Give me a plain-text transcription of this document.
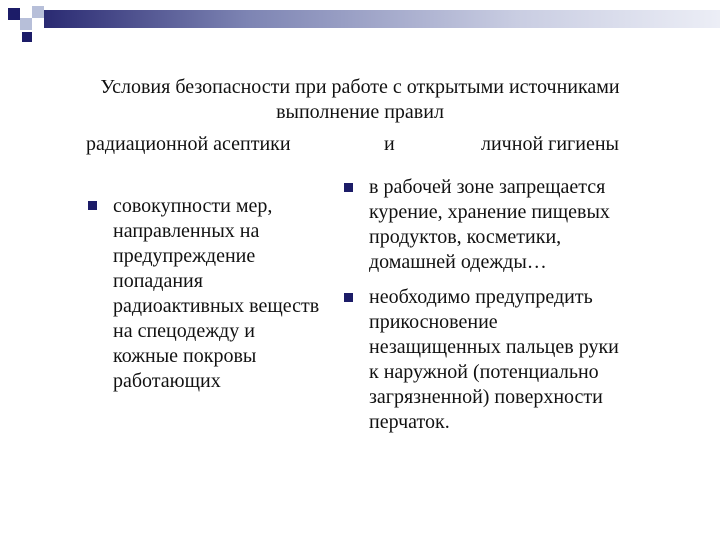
Условия безопасности при работе с открытыми источниками
выполнение правил
радиационной асептики	и	личной гигиены
совокупности мер,
направленных на
предупреждение
попадания
радиоактивных веществ
на спецодежду и
кожные покровы
работающих
в рабочей зоне запрещается
курение, хранение пищевых
продуктов, косметики,
домашней одежды…
необходимо предупредить
прикосновение
незащищенных пальцев руки
к наружной (потенциально
загрязненной) поверхности
перчаток.
